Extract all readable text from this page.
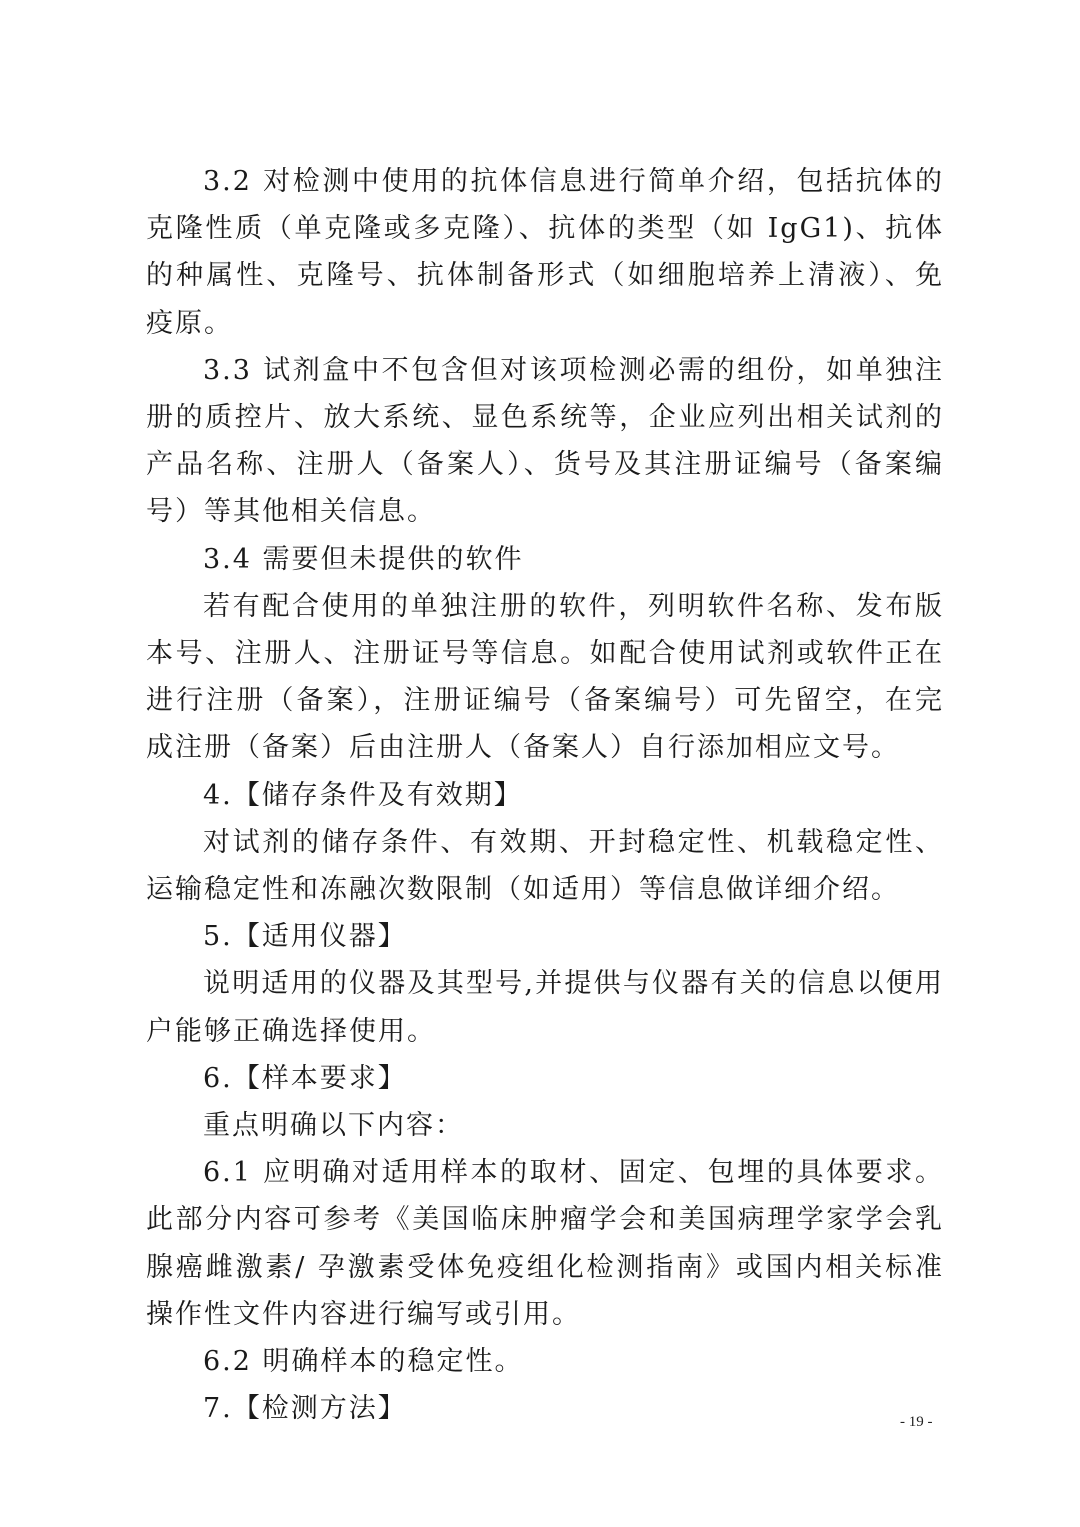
3.2 对检测中使用的抗体信息进行简单介绍，包括抗体的克隆性质（单克隆或多克隆）、抗体的类型（如 IgG1)、抗体的种属性、克隆号、抗体制备形式（如细胞培养上清液）、免疫原。

3.3 试剂盒中不包含但对该项检测必需的组份，如单独注册的质控片、放大系统、显色系统等，企业应列出相关试剂的产品名称、注册人（备案人）、货号及其注册证编号（备案编号）等其他相关信息。

3.4 需要但未提供的软件

若有配合使用的单独注册的软件，列明软件名称、发布版本号、注册人、注册证号等信息。如配合使用试剂或软件正在进行注册（备案），注册证编号（备案编号）可先留空，在完成注册（备案）后由注册人（备案人）自行添加相应文号。

4.【储存条件及有效期】

对试剂的储存条件、有效期、开封稳定性、机载稳定性、运输稳定性和冻融次数限制（如适用）等信息做详细介绍。

5.【适用仪器】

说明适用的仪器及其型号,并提供与仪器有关的信息以便用户能够正确选择使用。

6.【样本要求】

重点明确以下内容：

6.1 应明确对适用样本的取材、固定、包埋的具体要求。此部分内容可参考《美国临床肿瘤学会和美国病理学家学会乳腺癌雌激素/ 孕激素受体免疫组化检测指南》或国内相关标准操作性文件内容进行编写或引用。

6.2 明确样本的稳定性。

7.【检测方法】	- 19 -
